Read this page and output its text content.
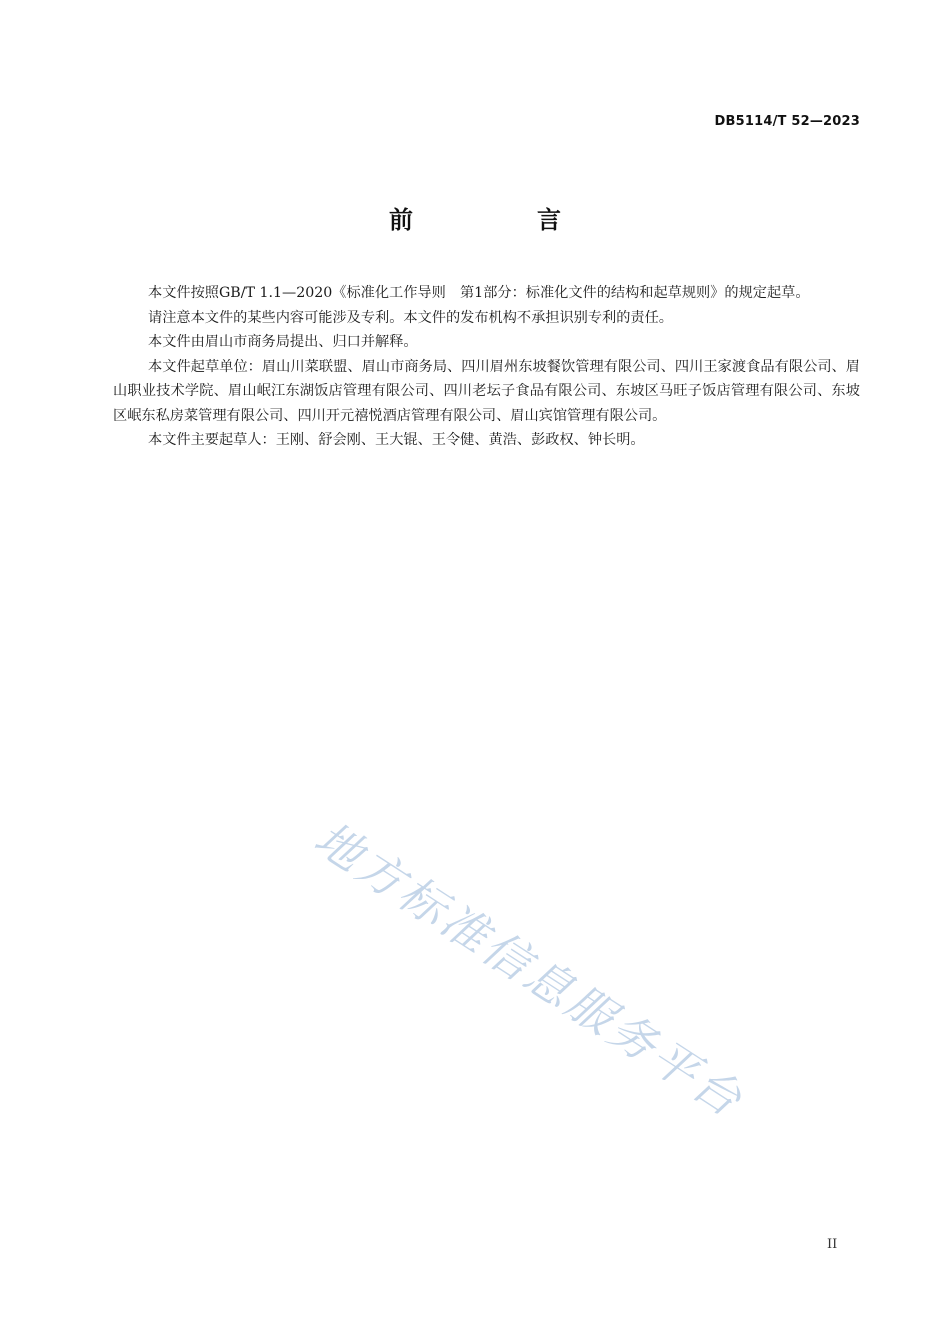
DB5114/T 52—2023
前　言

本文件按照GB/T 1.1—2020《标准化工作导则　第1部分：标准化文件的结构和起草规则》的规定起草。

请注意本文件的某些内容可能涉及专利。本文件的发布机构不承担识别专利的责任。

本文件由眉山市商务局提出、归口并解释。

本文件起草单位：眉山川菜联盟、眉山市商务局、四川眉州东坡餐饮管理有限公司、四川王家渡食品有限公司、眉山职业技术学院、眉山岷江东湖饭店管理有限公司、四川老坛子食品有限公司、东坡区马旺子饭店管理有限公司、东坡区岷东私房菜管理有限公司、四川开元禧悦酒店管理有限公司、眉山宾馆管理有限公司。

本文件主要起草人：王刚、舒会刚、王大锟、王令健、黄浩、彭政权、钟长明。

地方标准信息服务平台
II
